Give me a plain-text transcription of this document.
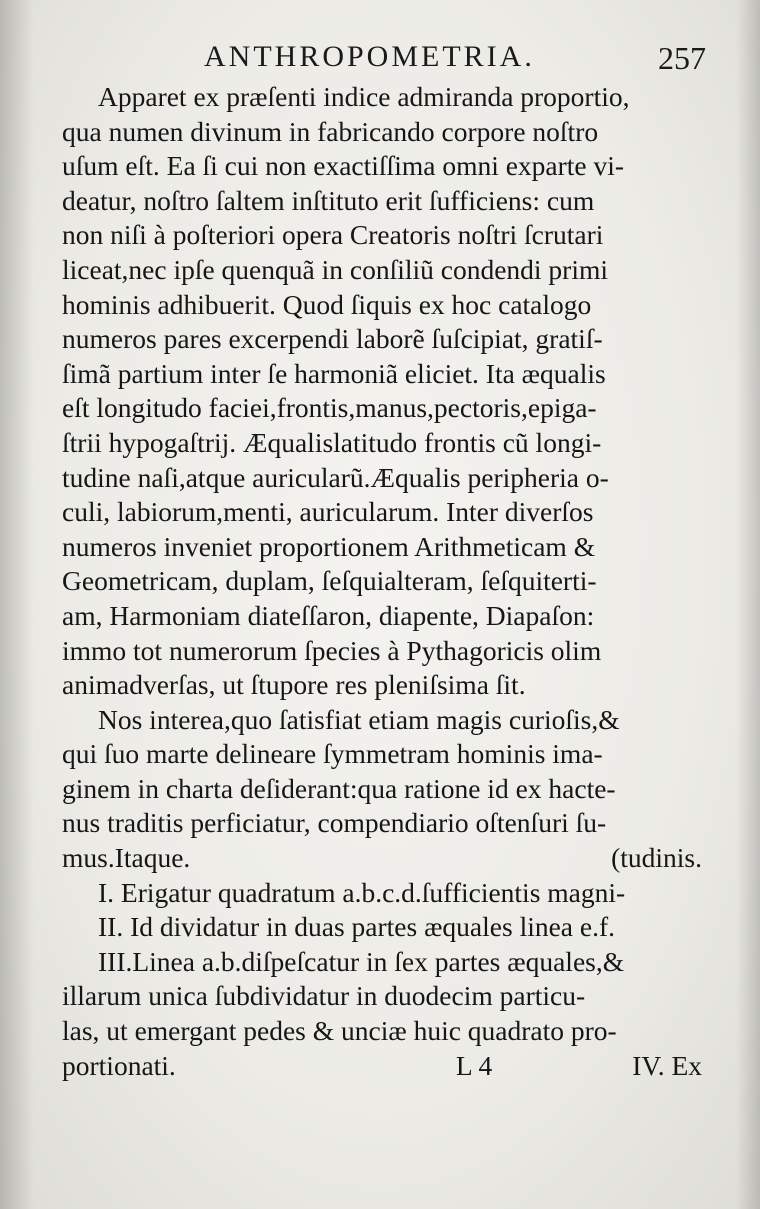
ANTHROPOMETRIA.	257
Apparet ex præſenti indice admiranda proportio,
qua numen divinum in fabricando corpore noſtro
uſum eſt. Ea ſi cui non exactiſſima omni exparte vi-
deatur, noſtro ſaltem inſtituto erit ſufficiens: cum
non niſi à poſteriori opera Creatoris noſtri ſcrutari
liceat,nec ipſe quenquã in conſiliũ condendi primi
hominis adhibuerit. Quod ſiquis ex hoc catalogo
numeros pares excerpendi laborẽ ſuſcipiat, gratiſ-
ſimã partium inter ſe harmoniã eliciet. Ita æqualis
eſt longitudo faciei,frontis,manus,pectoris,epiga-
ſtrii hypogaſtrij. Æqualislatitudo frontis cũ longi-
tudine naſi,atque auricularũ.Æqualis peripheria o-
culi, labiorum,menti, auricularum. Inter diverſos
numeros inveniet proportionem Arithmeticam &
Geometricam, duplam, ſeſquialteram, ſeſquiterti-
am, Harmoniam diateſſaron, diapente, Diapaſon:
immo tot numerorum ſpecies à Pythagoricis olim
animadverſas, ut ſtupore res pleniſsima ſit.
Nos interea,quo ſatisfiat etiam magis curioſis,&
qui ſuo marte delineare ſymmetram hominis ima-
ginem in charta deſiderant:qua ratione id ex hacte-
nus traditis perficiatur, compendiario oſtenſuri ſu-
mus.Itaque.	(tudinis.
I. Erigatur quadratum a.b.c.d.ſufficientis magni-
II. Id dividatur in duas partes æquales linea e.f.
III.Linea a.b.diſpeſcatur in ſex partes æquales,&
illarum unica ſubdividatur in duodecim particu-
las, ut emergant pedes & unciæ huic quadrato pro-
portionati.	L 4	IV. Ex
